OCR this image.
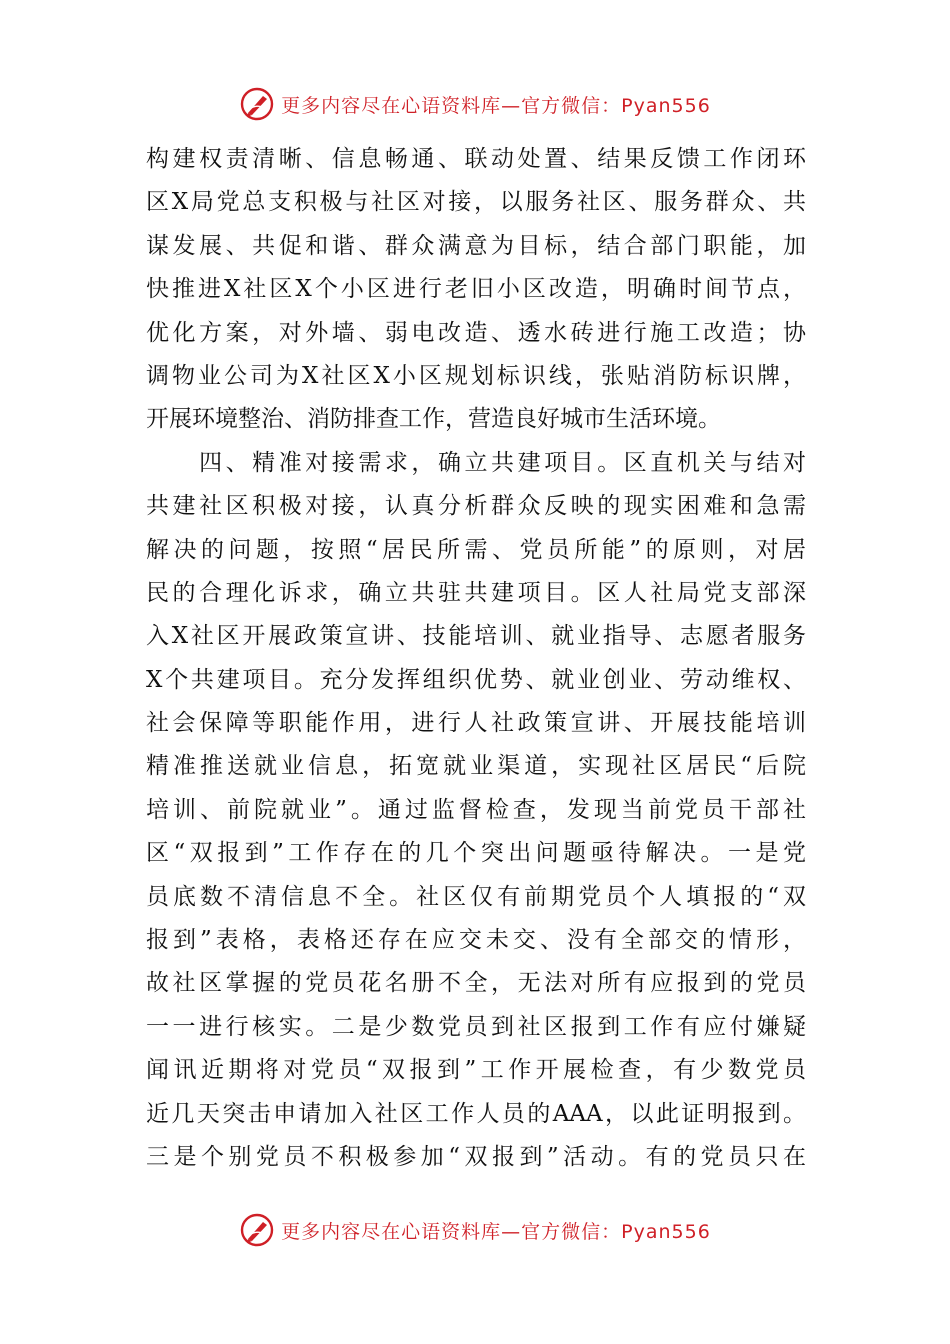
更多内容尽在心语资料库—官方微信：Pyan556
构建权责清晰、信息畅通、联动处置、结果反馈工作闭环
区X局党总支积极与社区对接，以服务社区、服务群众、共
谋发展、共促和谐、群众满意为目标，结合部门职能，加
快推进X社区X个小区进行老旧小区改造，明确时间节点，
优化方案，对外墙、弱电改造、透水砖进行施工改造；协
调物业公司为X社区X小区规划标识线，张贴消防标识牌，
开展环境整治、消防排查工作，营造良好城市生活环境。
　　四、精准对接需求，确立共建项目。区直机关与结对
共建社区积极对接，认真分析群众反映的现实困难和急需
解决的问题，按照“居民所需、党员所能”的原则，对居
民的合理化诉求，确立共驻共建项目。区人社局党支部深
入X社区开展政策宣讲、技能培训、就业指导、志愿者服务
X个共建项目。充分发挥组织优势、就业创业、劳动维权、
社会保障等职能作用，进行人社政策宣讲、开展技能培训
精准推送就业信息，拓宽就业渠道，实现社区居民“后院
培训、前院就业”。通过监督检查，发现当前党员干部社
区“双报到”工作存在的几个突出问题亟待解决。一是党
员底数不清信息不全。社区仅有前期党员个人填报的“双
报到”表格，表格还存在应交未交、没有全部交的情形，
故社区掌握的党员花名册不全，无法对所有应报到的党员
一一进行核实。二是少数党员到社区报到工作有应付嫌疑
闻讯近期将对党员“双报到”工作开展检查，有少数党员
近几天突击申请加入社区工作人员的AAA，以此证明报到。
三是个别党员不积极参加“双报到”活动。有的党员只在
更多内容尽在心语资料库—官方微信：Pyan556
